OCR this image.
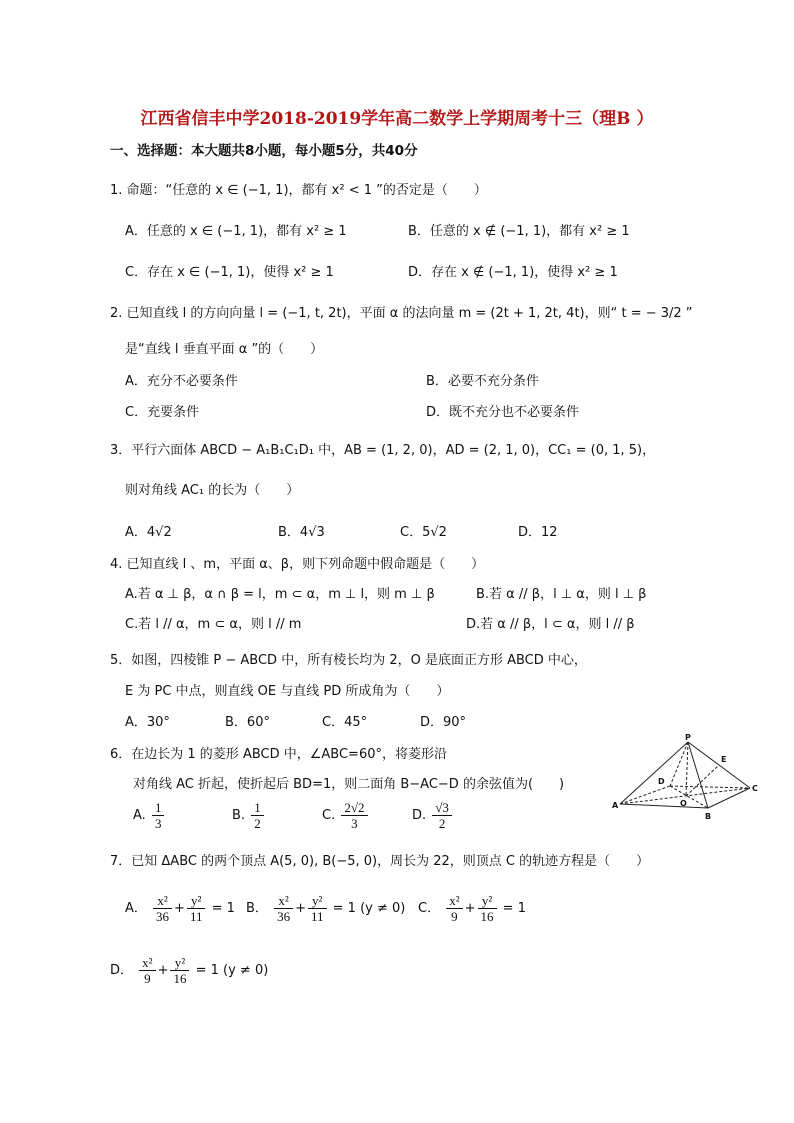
江西省信丰中学2018-2019学年高二数学上学期周考十三（理B ）
一、选择题：本大题共8小题，每小题5分，共40分
1. 命题：“任意的 x ∈ (−1, 1)，都有 x² < 1 ”的否定是（　　）
A．任意的 x ∈ (−1, 1)，都有 x² ≥ 1	B．任意的 x ∉ (−1, 1)，都有 x² ≥ 1
C．存在 x ∈ (−1, 1)，使得 x² ≥ 1	D．存在 x ∉ (−1, 1)，使得 x² ≥ 1
2. 已知直线 l 的方向向量 l = (−1, t, 2t)，平面 α 的法向量 m = (2t + 1, 2t, 4t)，则“ t = − 3/2 ”
是“直线 l 垂直平面 α ”的（　　）
A．充分不必要条件	B．必要不充分条件
C．充要条件	D．既不充分也不必要条件
3．平行六面体 ABCD − A₁B₁C₁D₁ 中，AB = (1, 2, 0)，AD = (2, 1, 0)，CC₁ = (0, 1, 5)，
则对角线 AC₁ 的长为（　　）
A．4√2	B．4√3	C．5√2	D．12
4. 已知直线 l 、m，平面 α、β，则下列命题中假命题是（　　）
A.若 α ⊥ β，α ∩ β = l，m ⊂ α，m ⊥ l，则 m ⊥ β	B.若 α // β，l ⊥ α，则 l ⊥ β
C.若 l // α，m ⊂ α，则 l // m	D.若 α // β，l ⊂ α，则 l // β
5．如图，四棱锥 P − ABCD 中，所有棱长均为 2，O 是底面正方形 ABCD 中心，
E 为 PC 中点，则直线 OE 与直线 PD 所成角为（　　）
A．30°	B．60°	C．45°	D．90°
6．在边长为 1 的菱形 ABCD 中，∠ABC=60°，将菱形沿
对角线 AC 折起，使折起后 BD=1，则二面角 B−AC−D 的余弦值为(　　)
A. $\frac{1}{3}$	B. $\frac{1}{2}$	C. $\frac{2√2}{3}$	D. $\frac{√3}{2}$
P
E
D
C
A	O
B
7．已知 ΔABC 的两个顶点 A(5, 0), B(−5, 0)，周长为 22，则顶点 C 的轨迹方程是（　　）
A． $\frac{\text{x²}}{36} + \frac{\text{y²}}{11} = 1$ B． $\frac{\text{x²}}{36} + \frac{\text{y²}}{11} = 1$ (y ≠ 0) C． $\frac{\text{x²}}{9} + \frac{\text{y²}}{16} = 1$
D． $\frac{\text{x²}}{9} + \frac{\text{y²}}{16} = 1$ (y ≠ 0)
